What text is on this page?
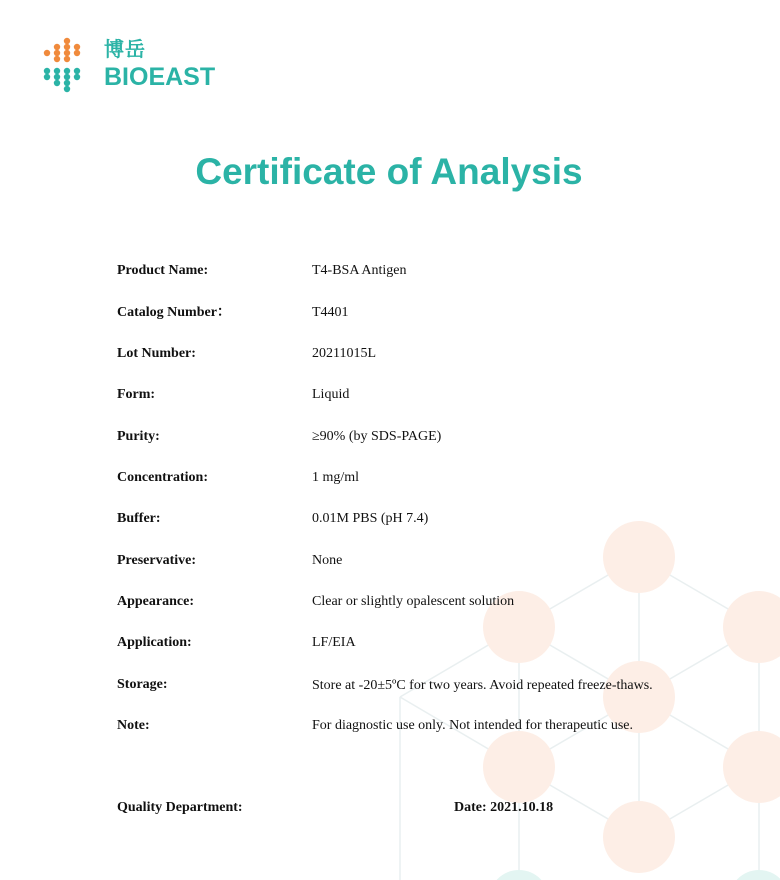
博岳
BIOEAST
Certificate of Analysis
Product Name:	T4-BSA Antigen
Catalog Number：	T4401
Lot Number:	20211015L
Form:	Liquid
Purity:	≥90% (by SDS-PAGE)
Concentration:	1 mg/ml
Buffer:	0.01M PBS (pH 7.4)
Preservative:	None
Appearance:	Clear or slightly opalescent solution
Application:	LF/EIA
Storage:	Store at -20±5ºC for two years. Avoid repeated freeze-thaws.
Note:	For diagnostic use only. Not intended for therapeutic use.
Quality Department:	Date: 2021.10.18
